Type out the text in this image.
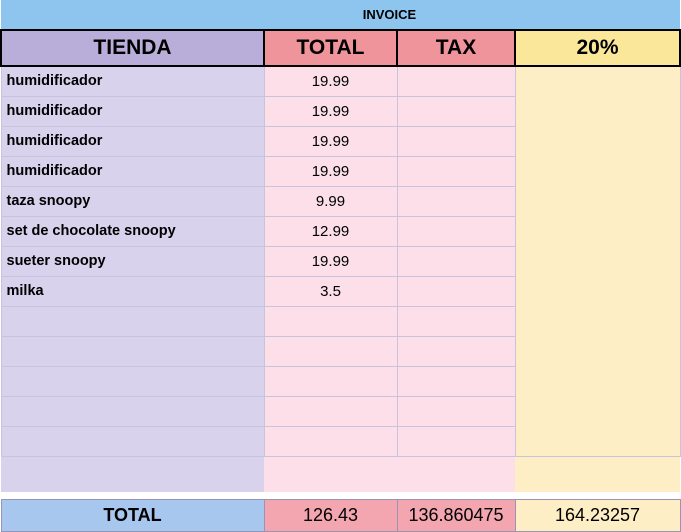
	INVOICE		
TIENDA	TOTAL	TAX	20%
humidificador	19.99		
humidificador	19.99		
humidificador	19.99		
humidificador	19.99		
taza snoopy	9.99		
set de chocolate snoopy	12.99		
sueter snoopy	19.99		
milka	3.5		

TOTAL	126.43	136.860475	164.23257
